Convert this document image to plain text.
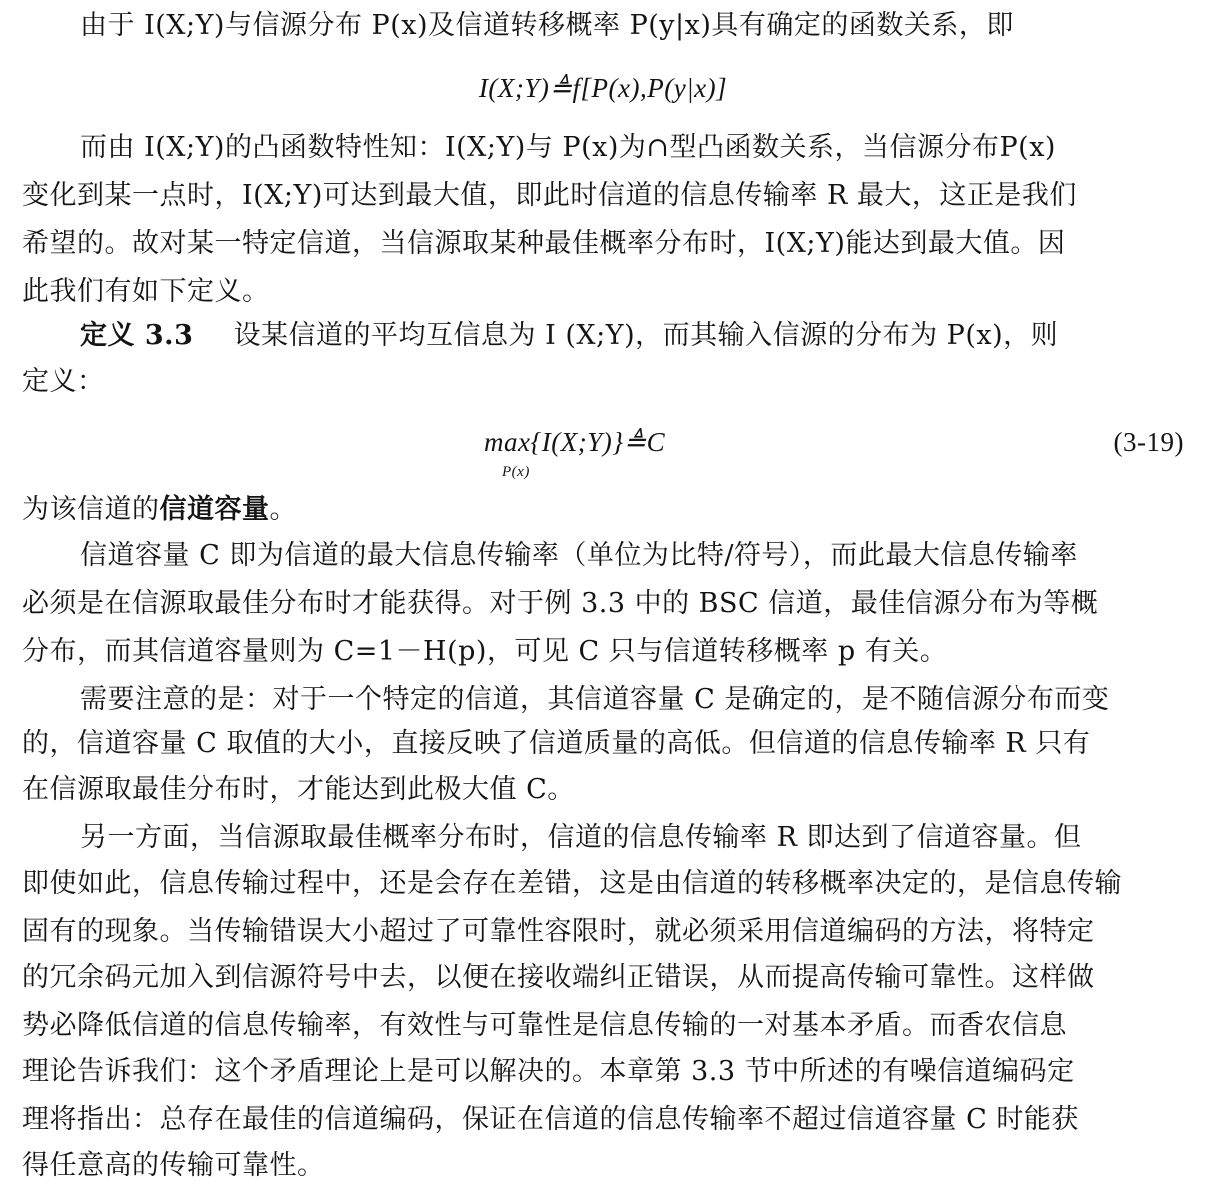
由于 I(X;Y)与信源分布 P(x)及信道转移概率 P(y|x)具有确定的函数关系，即
I(X;Y)≜f[P(x),P(y|x)]
而由 I(X;Y)的凸函数特性知：I(X;Y)与 P(x)为∩型凸函数关系，当信源分布P(x)
变化到某一点时，I(X;Y)可达到最大值，即此时信道的信息传输率 R 最大，这正是我们
希望的。故对某一特定信道，当信源取某种最佳概率分布时，I(X;Y)能达到最大值。因
此我们有如下定义。
定义 3.3 设某信道的平均互信息为 I (X;Y)，而其输入信源的分布为 P(x)，则
定义：
max{I(X;Y)}≜C
P(x)
(3-19)
为该信道的信道容量。
信道容量 C 即为信道的最大信息传输率（单位为比特/符号），而此最大信息传输率
必须是在信源取最佳分布时才能获得。对于例 3.3 中的 BSC 信道，最佳信源分布为等概
分布，而其信道容量则为 C=1－H(p)，可见 C 只与信道转移概率 p 有关。
需要注意的是：对于一个特定的信道，其信道容量 C 是确定的，是不随信源分布而变
的，信道容量 C 取值的大小，直接反映了信道质量的高低。但信道的信息传输率 R 只有
在信源取最佳分布时，才能达到此极大值 C。
另一方面，当信源取最佳概率分布时，信道的信息传输率 R 即达到了信道容量。但
即使如此，信息传输过程中，还是会存在差错，这是由信道的转移概率决定的，是信息传输
固有的现象。当传输错误大小超过了可靠性容限时，就必须采用信道编码的方法，将特定
的冗余码元加入到信源符号中去，以便在接收端纠正错误，从而提高传输可靠性。这样做
势必降低信道的信息传输率，有效性与可靠性是信息传输的一对基本矛盾。而香农信息
理论告诉我们：这个矛盾理论上是可以解决的。本章第 3.3 节中所述的有噪信道编码定
理将指出：总存在最佳的信道编码，保证在信道的信息传输率不超过信道容量 C 时能获
得任意高的传输可靠性。
